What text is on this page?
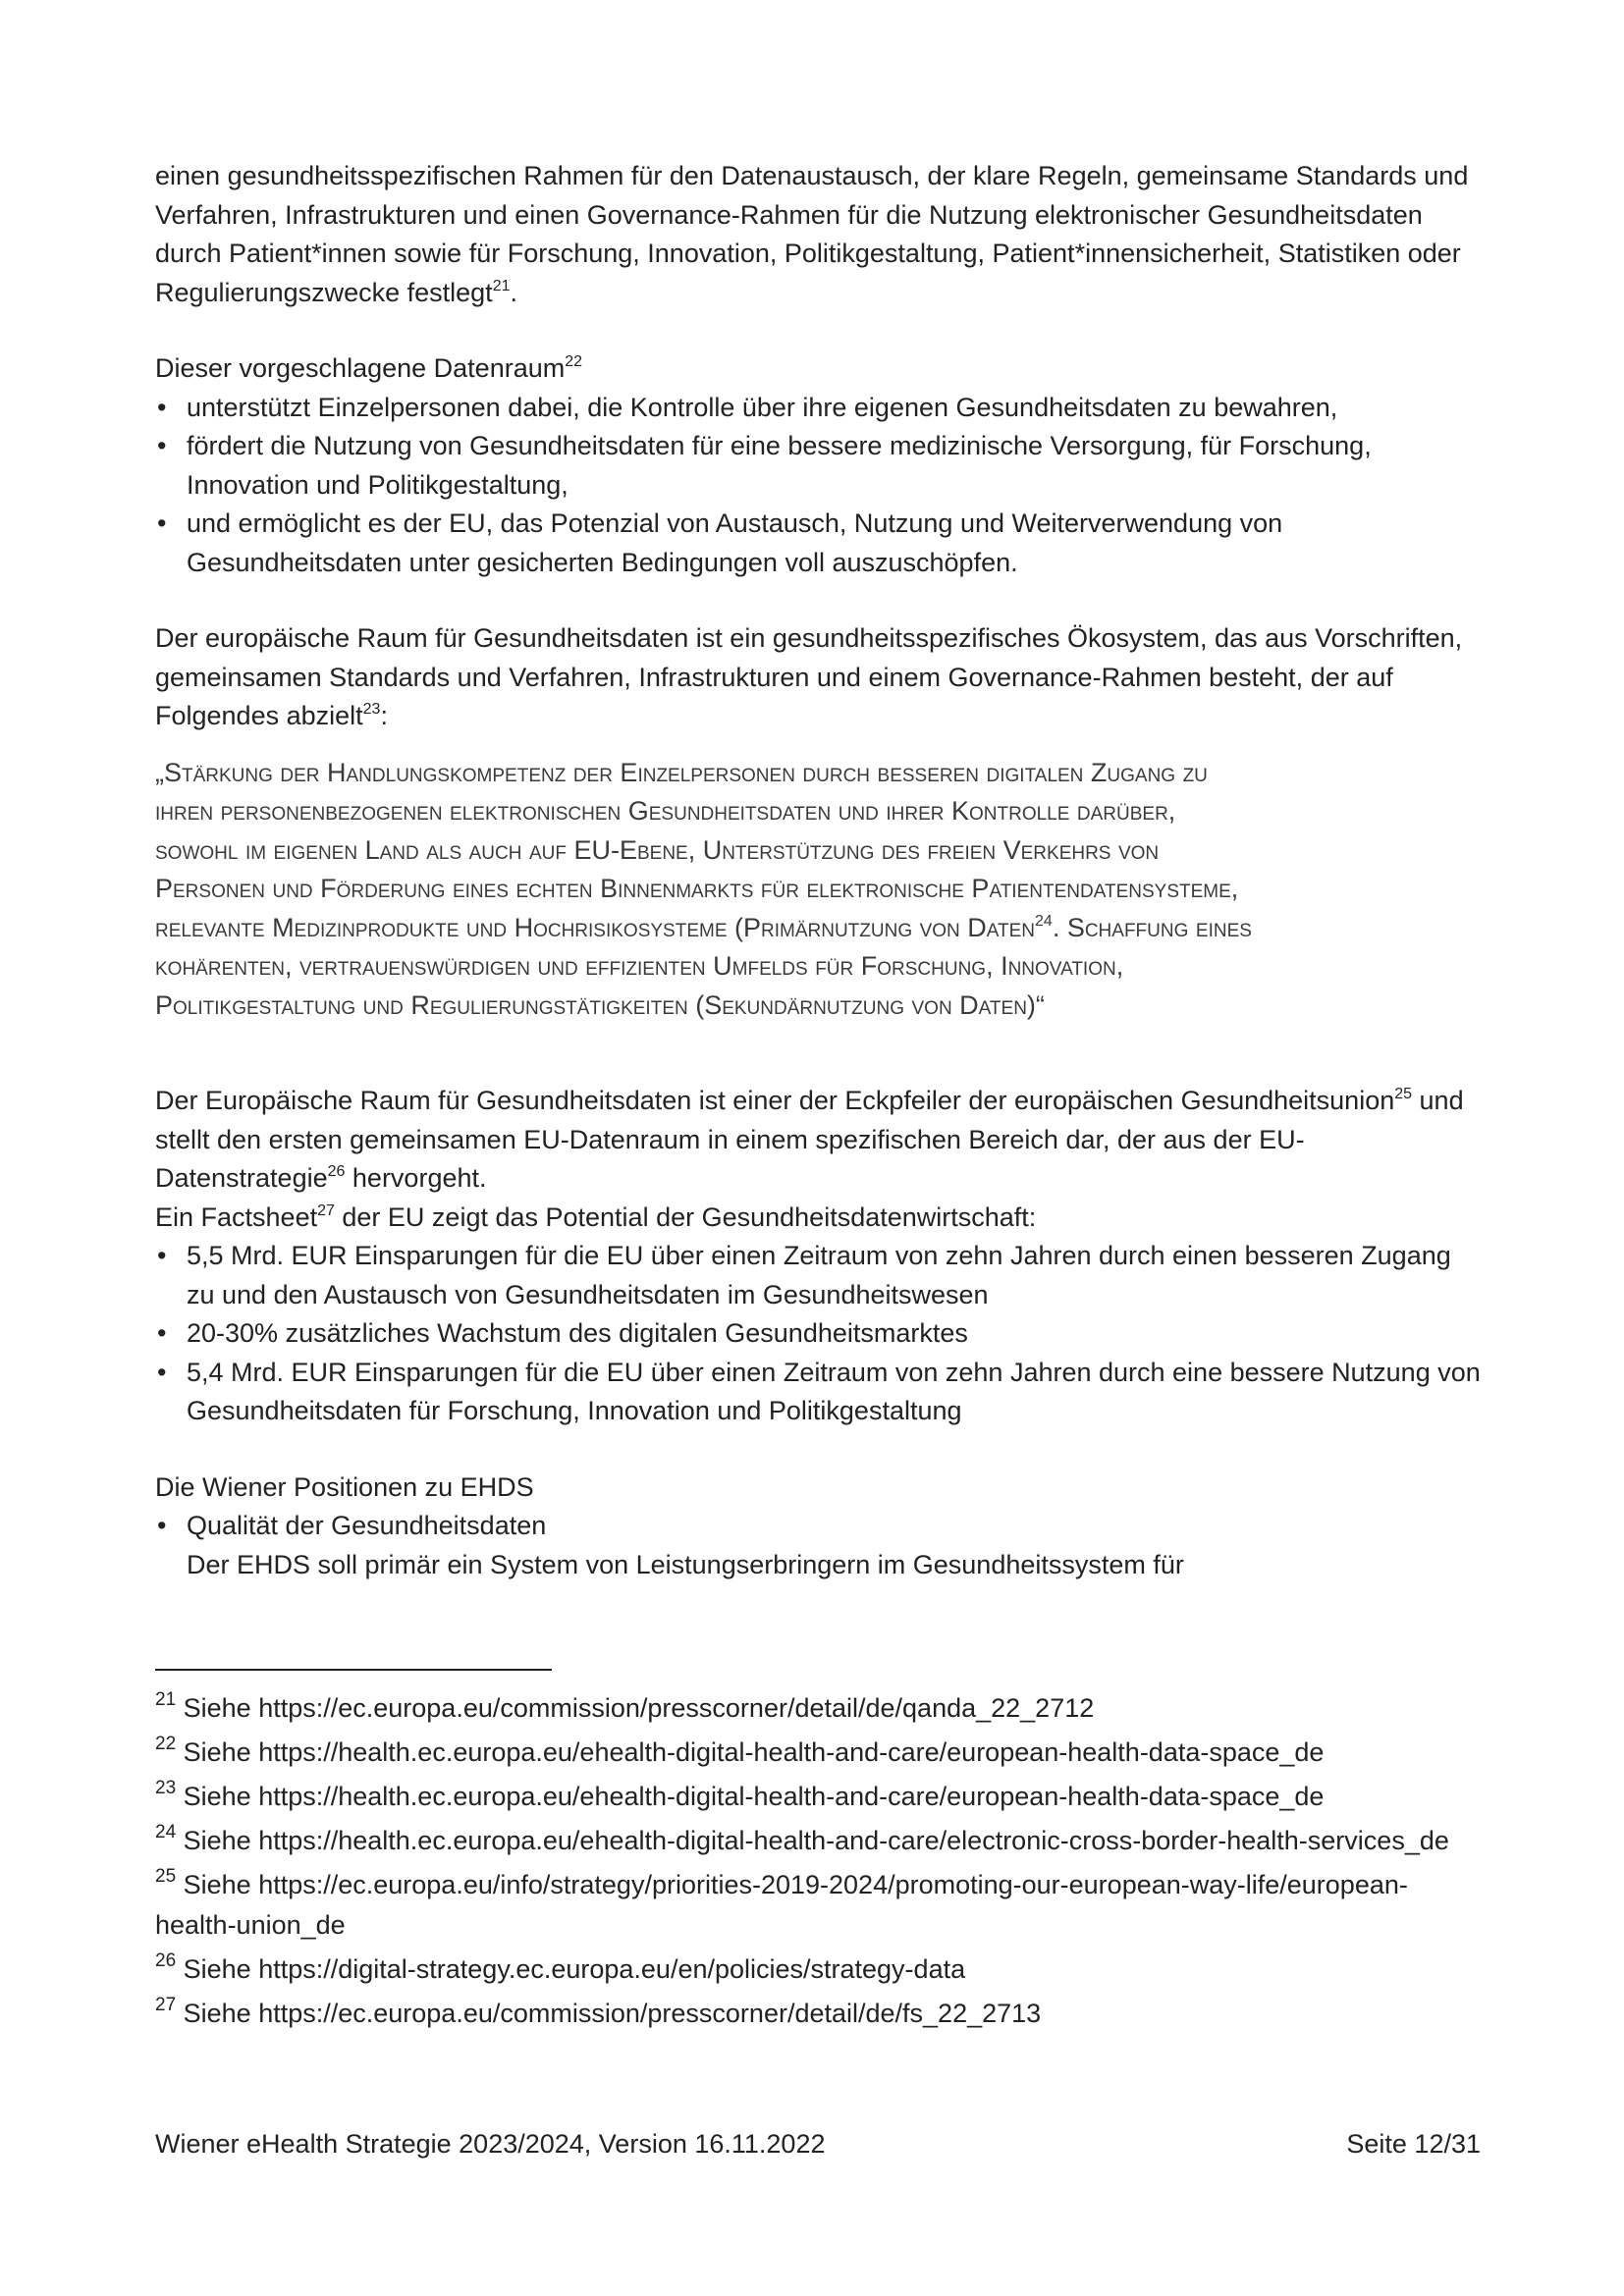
einen gesundheitsspezifischen Rahmen für den Datenaustausch, der klare Regeln, gemeinsame Standards und Verfahren, Infrastrukturen und einen Governance-Rahmen für die Nutzung elektronischer Gesundheitsdaten durch Patient*innen sowie für Forschung, Innovation, Politikgestaltung, Patient*innensicherheit, Statistiken oder Regulierungszwecke festlegt$^{21}$.

Dieser vorgeschlagene Datenraum$^{22}$

• unterstützt Einzelpersonen dabei, die Kontrolle über ihre eigenen Gesundheitsdaten zu bewahren,
• fördert die Nutzung von Gesundheitsdaten für eine bessere medizinische Versorgung, für Forschung, Innovation und Politikgestaltung,
• und ermöglicht es der EU, das Potenzial von Austausch, Nutzung und Weiterverwendung von Gesundheitsdaten unter gesicherten Bedingungen voll auszuschöpfen.

Der europäische Raum für Gesundheitsdaten ist ein gesundheitsspezifisches Ökosystem, das aus Vorschriften, gemeinsamen Standards und Verfahren, Infrastrukturen und einem Governance-Rahmen besteht, der auf Folgendes abzielt$^{23}$:

„Stärkung der Handlungskompetenz der Einzelpersonen durch besseren digitalen Zugang zu ihren personenbezogenen elektronischen Gesundheitsdaten und ihrer Kontrolle darüber, sowohl im eigenen Land als auch auf EU-Ebene, Unterstützung des freien Verkehrs von Personen und Förderung eines echten Binnenmarkts für elektronische Patientendatensysteme, relevante Medizinprodukte und Hochrisikosysteme (Primärnutzung von Daten$^{24}$. Schaffung eines kohärenten, vertrauenswürdigen und effizienten Umfelds für Forschung, Innovation, Politikgestaltung und Regulierungstätigkeiten (Sekundärnutzung von Daten)“

Der Europäische Raum für Gesundheitsdaten ist einer der Eckpfeiler der europäischen Gesundheitsunion$^{25}$ und stellt den ersten gemeinsamen EU-Datenraum in einem spezifischen Bereich dar, der aus der EU-Datenstrategie$^{26}$ hervorgeht.

Ein Factsheet$^{27}$ der EU zeigt das Potential der Gesundheitsdatenwirtschaft:

• 5,5 Mrd. EUR Einsparungen für die EU über einen Zeitraum von zehn Jahren durch einen besseren Zugang zu und den Austausch von Gesundheitsdaten im Gesundheitswesen
• 20-30% zusätzliches Wachstum des digitalen Gesundheitsmarktes
• 5,4 Mrd. EUR Einsparungen für die EU über einen Zeitraum von zehn Jahren durch eine bessere Nutzung von Gesundheitsdaten für Forschung, Innovation und Politikgestaltung

Die Wiener Positionen zu EHDS

• Qualität der Gesundheitsdaten
Der EHDS soll primär ein System von Leistungserbringern im Gesundheitssystem für

$^{21}$ Siehe https://ec.europa.eu/commission/presscorner/detail/de/qanda_22_2712

$^{22}$ Siehe https://health.ec.europa.eu/ehealth-digital-health-and-care/european-health-data-space_de

$^{23}$ Siehe https://health.ec.europa.eu/ehealth-digital-health-and-care/european-health-data-space_de

$^{24}$ Siehe https://health.ec.europa.eu/ehealth-digital-health-and-care/electronic-cross-border-health-services_de

$^{25}$ Siehe https://ec.europa.eu/info/strategy/priorities-2019-2024/promoting-our-european-way-life/european-health-union_de

$^{26}$ Siehe https://digital-strategy.ec.europa.eu/en/policies/strategy-data

$^{27}$ Siehe https://ec.europa.eu/commission/presscorner/detail/de/fs_22_2713

Wiener eHealth Strategie 2023/2024, Version 16.11.2022	Seite 12/31
